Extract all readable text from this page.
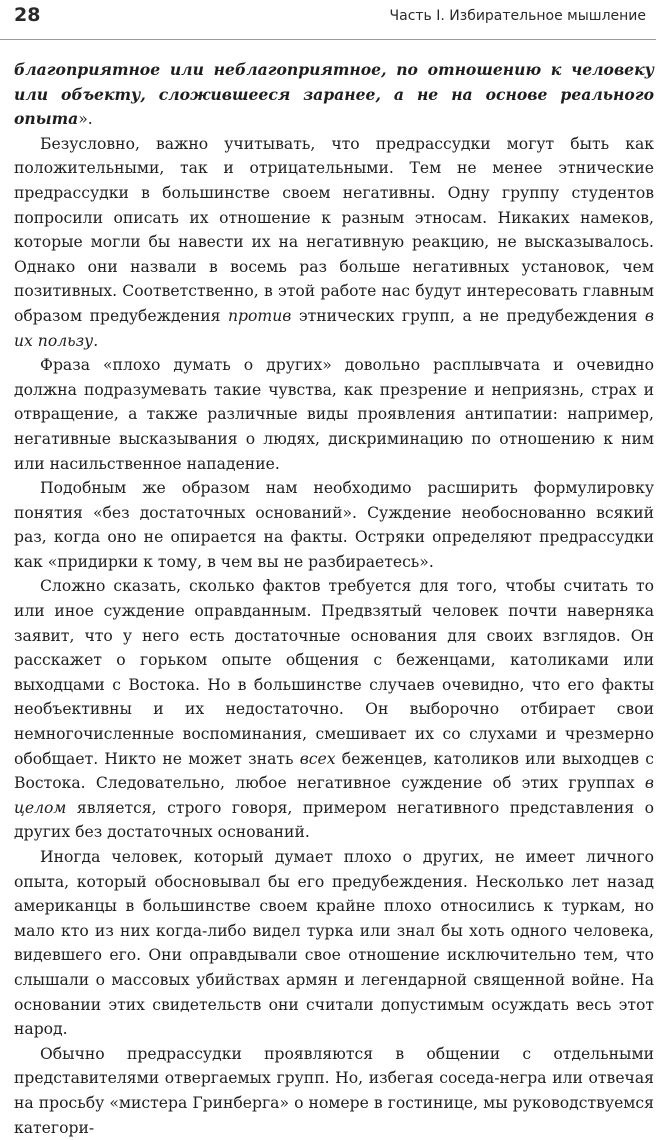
28	Часть I. Избирательное мышление

благоприятное или неблагоприятное, по отношению к человеку или объекту, сложившееся заранее, а не на основе реального опыта».

Безусловно, важно учитывать, что предрассудки могут быть как положительными, так и отрицательными. Тем не менее этнические предрассудки в большинстве своем негативны. Одну группу студентов попросили описать их отношение к разным этносам. Никаких намеков, которые могли бы навести их на негативную реакцию, не высказывалось. Однако они назвали в восемь раз больше негативных установок, чем позитивных. Соответственно, в этой работе нас будут интересовать главным образом предубеждения против этнических групп, а не предубеждения в их пользу.

Фраза «плохо думать о других» довольно расплывчата и очевидно должна подразумевать такие чувства, как презрение и неприязнь, страх и отвращение, а также различные виды проявления антипатии: например, негативные высказывания о людях, дискриминацию по отношению к ним или насильственное нападение.

Подобным же образом нам необходимо расширить формулировку понятия «без достаточных оснований». Суждение необоснованно всякий раз, когда оно не опирается на факты. Остряки определяют предрассудки как «придирки к тому, в чем вы не разбираетесь».

Сложно сказать, сколько фактов требуется для того, чтобы считать то или иное суждение оправданным. Предвзятый человек почти наверняка заявит, что у него есть достаточные основания для своих взглядов. Он расскажет о горьком опыте общения с беженцами, католиками или выходцами с Востока. Но в большинстве случаев очевидно, что его факты необъективны и их недостаточно. Он выборочно отбирает свои немногочисленные воспоминания, смешивает их со слухами и чрезмерно обобщает. Никто не может знать всех беженцев, католиков или выходцев с Востока. Следовательно, любое негативное суждение об этих группах в целом является, строго говоря, примером негативного представления о других без достаточных оснований.

Иногда человек, который думает плохо о других, не имеет личного опыта, который обосновывал бы его предубеждения. Несколько лет назад американцы в большинстве своем крайне плохо относились к туркам, но мало кто из них когда-либо видел турка или знал бы хоть одного человека, видевшего его. Они оправдывали свое отношение исключительно тем, что слышали о массовых убийствах армян и легендарной священной войне. На основании этих свидетельств они считали допустимым осуждать весь этот народ.

Обычно предрассудки проявляются в общении с отдельными представителями отвергаемых групп. Но, избегая соседа-негра или отвечая на просьбу «мистера Гринберга» о номере в гостинице, мы руководствуемся категори-
